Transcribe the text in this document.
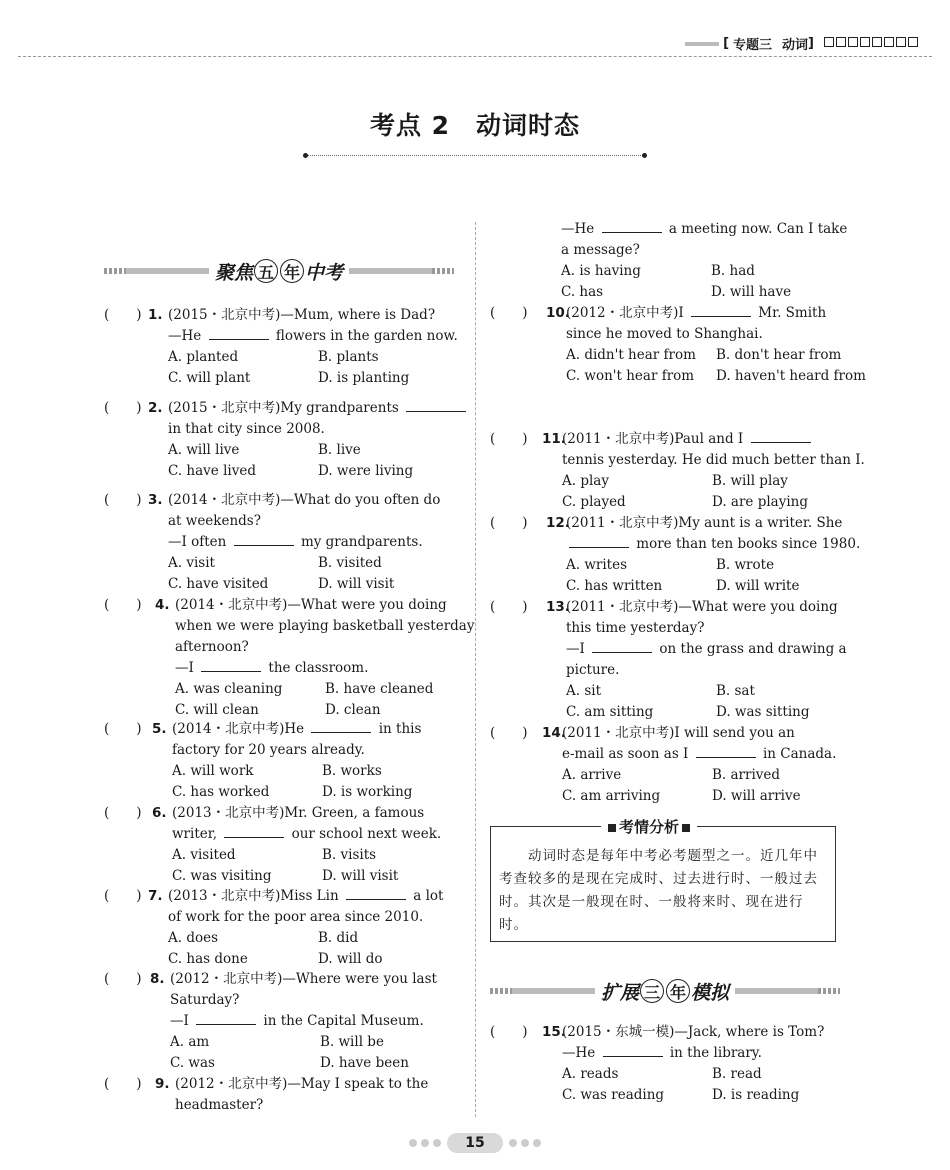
[ 专题三 动词 ]
考点 2　动词时态
聚焦 五 年 中考
扩展 三 年 模拟
考情分析
　　动词时态是每年中考必考题型之一。近几年中考查较多的是现在完成时、过去进行时、一般过去时。其次是一般现在时、一般将来时、现在进行时。
(　　) 1. (2015・北京中考)—Mum, where is Dad?
—He	flowers in the garden now.
A. planted	B. plants
C. will plant	D. is planting
(　　) 2. (2015・北京中考)My grandparents
in that city since 2008.
A. will live	B. live
C. have lived	D. were living
(　　) 3. (2014・北京中考)—What do you often do
at weekends?
—I often	my grandparents.
A. visit	B. visited
C. have visited	D. will visit
(　　) 4. (2014・北京中考)—What were you doing
when we were playing basketball yesterday
afternoon?
—I	the classroom.
A. was cleaning	B. have cleaned
C. will clean	D. clean
(　　) 5. (2014・北京中考)He	in this
factory for 20 years already.
A. will work	B. works
C. has worked	D. is working
(　　) 6. (2013・北京中考)Mr. Green, a famous
writer,	our school next week.
A. visited	B. visits
C. was visiting	D. will visit
(　　) 7. (2013・北京中考)Miss Lin	a lot
of work for the poor area since 2010.
A. does	B. did
C. has done	D. will do
(　　) 8. (2012・北京中考)—Where were you last
Saturday?
—I	in the Capital Museum.
A. am	B. will be
C. was	D. have been
(　　) 9. (2012・北京中考)—May I speak to the
headmaster?
—He	a meeting now. Can I take
a message?
A. is having	B. had
C. has	D. will have
(　　)	10.
(2012・北京中考)I	Mr. Smith
since he moved to Shanghai.
A. didn't hear from	B. don't hear from
C. won't hear from	D. haven't heard from
(　　)	11.
(2011・北京中考)Paul and I
tennis yesterday. He did much better than I.
A. play	B. will play
C. played	D. are playing
(　　)	12.
(2011・北京中考)My aunt is a writer. She
more than ten books since 1980.
A. writes	B. wrote
C. has written	D. will write
(　　)	13.
(2011・北京中考)—What were you doing
this time yesterday?
—I	on the grass and drawing a
picture.
A. sit	B. sat
C. am sitting	D. was sitting
(　　)	14.
(2011・北京中考)I will send you an
e-mail as soon as I	in Canada.
A. arrive	B. arrived
C. am arriving	D. will arrive
(　　)	15.
(2015・东城一模)—Jack, where is Tom?
—He	in the library.
A. reads	B. read
C. was reading	D. is reading
15
